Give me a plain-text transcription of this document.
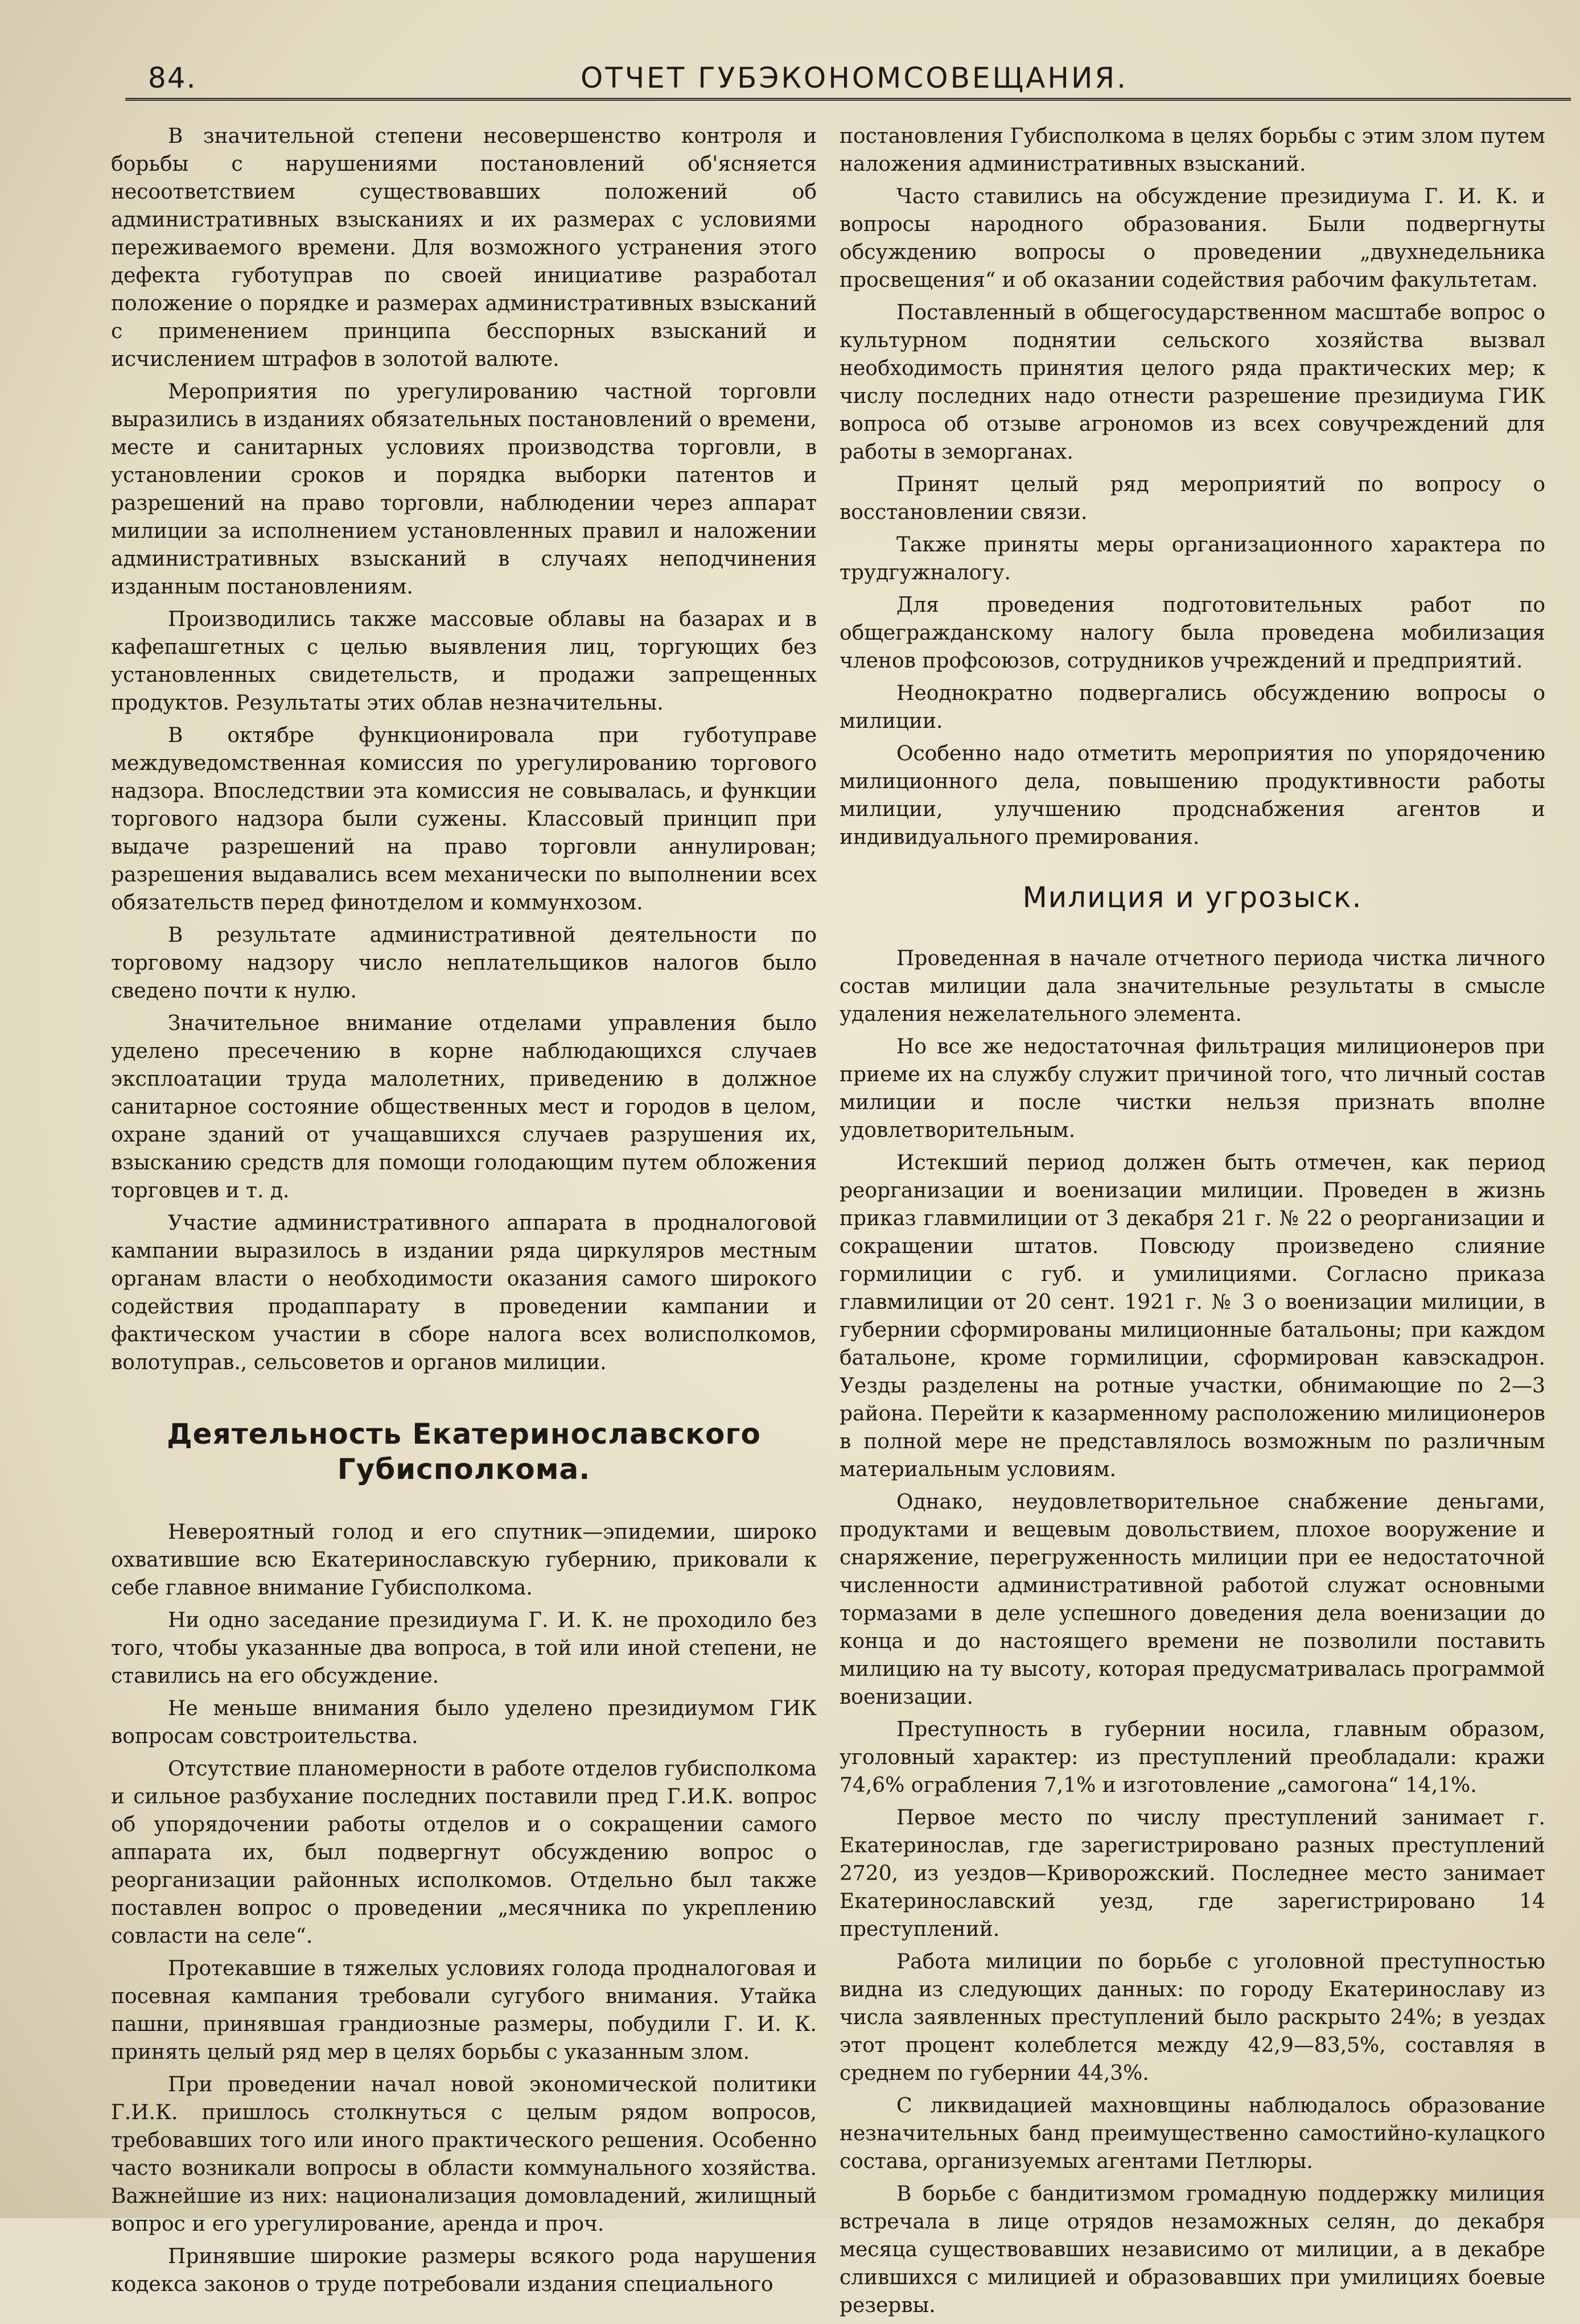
84.	ОТЧЕТ ГУБЭКОНОМСОВЕЩАНИЯ.

В значительной степени несовершенство контроля и борьбы с нарушениями постановлений об'ясняется несоответствием существовавших положений об административных взысканиях и их размерах с условиями переживаемого времени. Для возможного устранения этого дефекта губотуправ по своей инициативе разработал положение о порядке и размерах административных взысканий с применением принципа бесспорных взысканий и исчислением штрафов в золотой валюте.

Мероприятия по урегулированию частной торговли выразились в изданиях обязательных постановлений о времени, месте и санитарных условиях производства торговли, в установлении сроков и порядка выборки патентов и разрешений на право торговли, наблюдении через аппарат милиции за исполнением установленных правил и наложении административных взысканий в случаях неподчинения изданным постановлениям.

Производились также массовые облавы на базарах и в кафепашгетных с целью выявления лиц, торгующих без установленных свидетельств, и продажи запрещенных продуктов. Результаты этих облав незначительны.

В октябре функционировала при губотуправе междуведомственная комиссия по урегулированию торгового надзора. Впоследствии эта комиссия не совывалась, и функции торгового надзора были сужены. Классовый принцип при выдаче разрешений на право торговли аннулирован; разрешения выдавались всем механически по выполнении всех обязательств перед финотделом и коммунхозом.

В результате административной деятельности по торговому надзору число неплательщиков налогов было сведено почти к нулю.

Значительное внимание отделами управления было уделено пресечению в корне наблюдающихся случаев эксплоатации труда малолетних, приведению в должное санитарное состояние общественных мест и городов в целом, охране зданий от учащавшихся случаев разрушения их, взысканию средств для помощи голодающим путем обложения торговцев и т. д.

Участие административного аппарата в продналоговой кампании выразилось в издании ряда циркуляров местным органам власти о необходимости оказания самого широкого содействия продаппарату в проведении кампании и фактическом участии в сборе налога всех волисполкомов, волотуправ., сельсоветов и органов милиции.

Деятельность Екатеринославского Губисполкома.

Невероятный голод и его спутник—эпидемии, широко охватившие всю Екатеринославскую губернию, приковали к себе главное внимание Губисполкома.

Ни одно заседание президиума Г. И. К. не проходило без того, чтобы указанные два вопроса, в той или иной степени, не ставились на его обсуждение.

Не меньше внимания было уделено президиумом ГИК вопросам совстроительства.

Отсутствие планомерности в работе отделов губисполкома и сильное разбухание последних поставили пред Г.И.К. вопрос об упорядочении работы отделов и о сокращении самого аппарата их, был подвергнут обсуждению вопрос о реорганизации районных исполкомов. Отдельно был также поставлен вопрос о проведении „месячника по укреплению совласти на селе“.

Протекавшие в тяжелых условиях голода продналоговая и посевная кампания требовали сугубого внимания. Утайка пашни, принявшая грандиозные размеры, побудили Г. И. К. принять целый ряд мер в целях борьбы с указанным злом.

При проведении начал новой экономической политики Г.И.К. пришлось столкнуться с целым рядом вопросов, требовавших того или иного практического решения. Особенно часто возникали вопросы в области коммунального хозяйства. Важнейшие из них: национализация домовладений, жилищный вопрос и его урегулирование, аренда и проч.

Принявшие широкие размеры всякого рода нарушения кодекса законов о труде потребовали издания специального

постановления Губисполкома в целях борьбы с этим злом путем наложения административных взысканий.

Часто ставились на обсуждение президиума Г. И. К. и вопросы народного образования. Были подвергнуты обсуждению вопросы о проведении „двухнедельника просвещения“ и об оказании содействия рабочим факультетам.

Поставленный в общегосударственном масштабе вопрос о культурном поднятии сельского хозяйства вызвал необходимость принятия целого ряда практических мер; к числу последних надо отнести разрешение президиума ГИК вопроса об отзыве агрономов из всех совучреждений для работы в земорганах.

Принят целый ряд мероприятий по вопросу о восстановлении связи.

Также приняты меры организационного характера по трудгужналогу.

Для проведения подготовительных работ по общегражданскому налогу была проведена мобилизация членов профсоюзов, сотрудников учреждений и предприятий.

Неоднократно подвергались обсуждению вопросы о милиции.

Особенно надо отметить мероприятия по упорядочению милиционного дела, повышению продуктивности работы милиции, улучшению продснабжения агентов и индивидуального премирования.

Милиция и угрозыск.

Проведенная в начале отчетного периода чистка личного состав милиции дала значительные результаты в смысле удаления нежелательного элемента.

Но все же недостаточная фильтрация милиционеров при приеме их на службу служит причиной того, что личный состав милиции и после чистки нельзя признать вполне удовлетворительным.

Истекший период должен быть отмечен, как период реорганизации и военизации милиции. Проведен в жизнь приказ главмилиции от 3 декабря 21 г. № 22 о реорганизации и сокращении штатов. Повсюду произведено слияние гормилиции с губ. и умилициями. Согласно приказа главмилиции от 20 сент. 1921 г. № 3 о военизации милиции, в губернии сформированы милиционные батальоны; при каждом батальоне, кроме гормилиции, сформирован кавэскадрон. Уезды разделены на ротные участки, обнимающие по 2—3 района. Перейти к казарменному расположению милиционеров в полной мере не представлялось возможным по различным материальным условиям.

Однако, неудовлетворительное снабжение деньгами, продуктами и вещевым довольствием, плохое вооружение и снаряжение, перегруженность милиции при ее недостаточной численности административной работой служат основными тормазами в деле успешного доведения дела военизации до конца и до настоящего времени не позволили поставить милицию на ту высоту, которая предусматривалась программой военизации.

Преступность в губернии носила, главным образом, уголовный характер: из преступлений преобладали: кражи 74,6% ограбления 7,1% и изготовление „самогона“ 14,1%.

Первое место по числу преступлений занимает г. Екатеринослав, где зарегистрировано разных преступлений 2720, из уездов—Криворожский. Последнее место занимает Екатеринославский уезд, где зарегистрировано 14 преступлений.

Работа милиции по борьбе с уголовной преступностью видна из следующих данных: по городу Екатеринославу из числа заявленных преступлений было раскрыто 24%; в уездах этот процент колеблется между 42,9—83,5%, составляя в среднем по губернии 44,3%.

С ликвидацией махновщины наблюдалось образование незначительных банд преимущественно самостийно-кулацкого состава, организуемых агентами Петлюры.

В борьбе с бандитизмом громадную поддержку милиция встречала в лице отрядов незаможных селян, до декабря месяца существовавших независимо от милиции, а в декабре слившихся с милицией и образовавших при умилициях боевые резервы.
